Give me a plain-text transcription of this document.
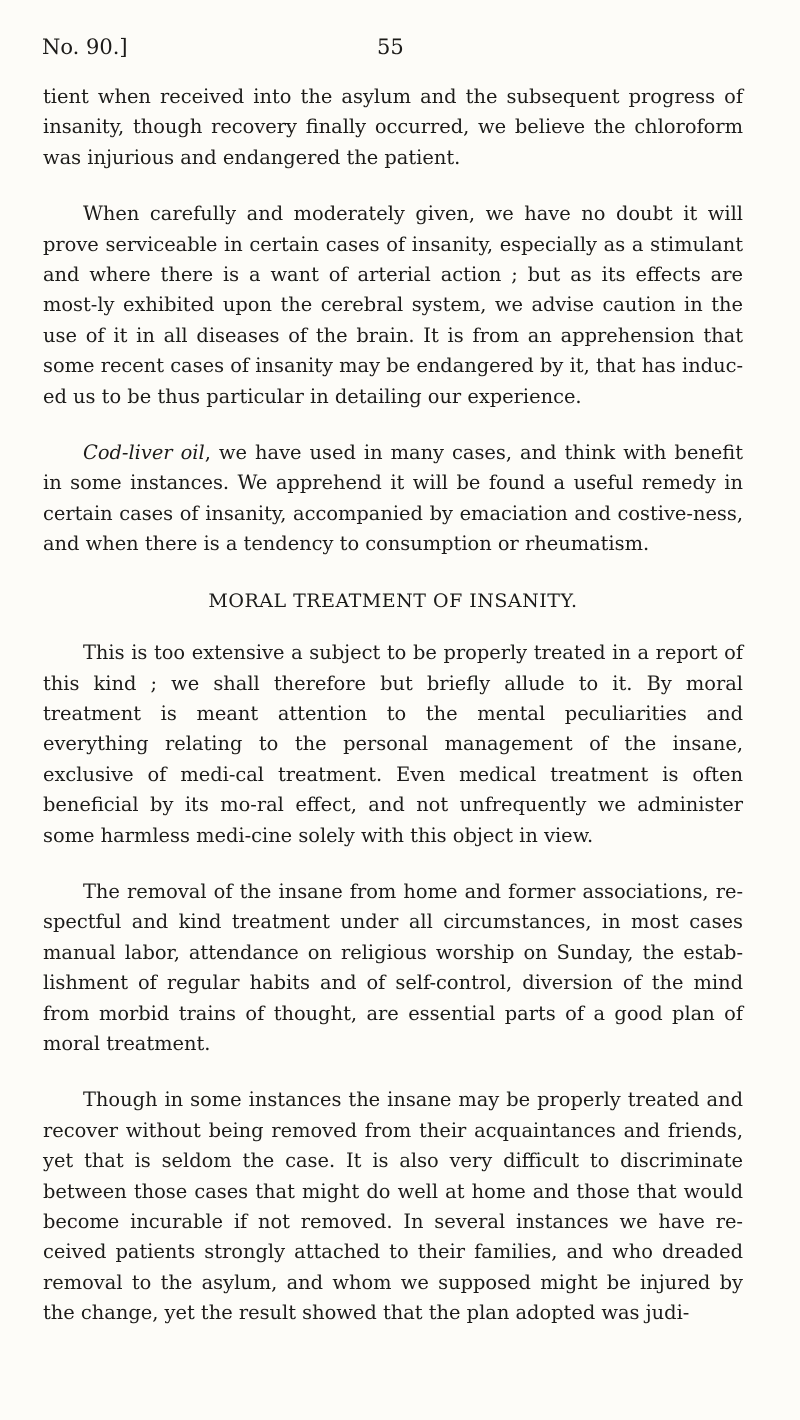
No. 90.]	55

tient when received into the asylum and the subsequent progress of insanity, though recovery finally occurred, we believe the chloroform was injurious and endangered the patient.

When carefully and moderately given, we have no doubt it will prove serviceable in certain cases of insanity, especially as a stimulant and where there is a want of arterial action ; but as its effects are most-ly exhibited upon the cerebral system, we advise caution in the use of it in all diseases of the brain. It is from an apprehension that some recent cases of insanity may be endangered by it, that has induc-ed us to be thus particular in detailing our experience.

Cod-liver oil, we have used in many cases, and think with benefit in some instances. We apprehend it will be found a useful remedy in certain cases of insanity, accompanied by emaciation and costive-ness, and when there is a tendency to consumption or rheumatism.

MORAL TREATMENT OF INSANITY.

This is too extensive a subject to be properly treated in a report of this kind ; we shall therefore but briefly allude to it. By moral treatment is meant attention to the mental peculiarities and everything relating to the personal management of the insane, exclusive of medi-cal treatment. Even medical treatment is often beneficial by its mo-ral effect, and not unfrequently we administer some harmless medi-cine solely with this object in view.

The removal of the insane from home and former associations, re-spectful and kind treatment under all circumstances, in most cases manual labor, attendance on religious worship on Sunday, the estab-lishment of regular habits and of self-control, diversion of the mind from morbid trains of thought, are essential parts of a good plan of moral treatment.

Though in some instances the insane may be properly treated and recover without being removed from their acquaintances and friends, yet that is seldom the case. It is also very difficult to discriminate between those cases that might do well at home and those that would become incurable if not removed. In several instances we have re-ceived patients strongly attached to their families, and who dreaded removal to the asylum, and whom we supposed might be injured by the change, yet the result showed that the plan adopted was judi-
